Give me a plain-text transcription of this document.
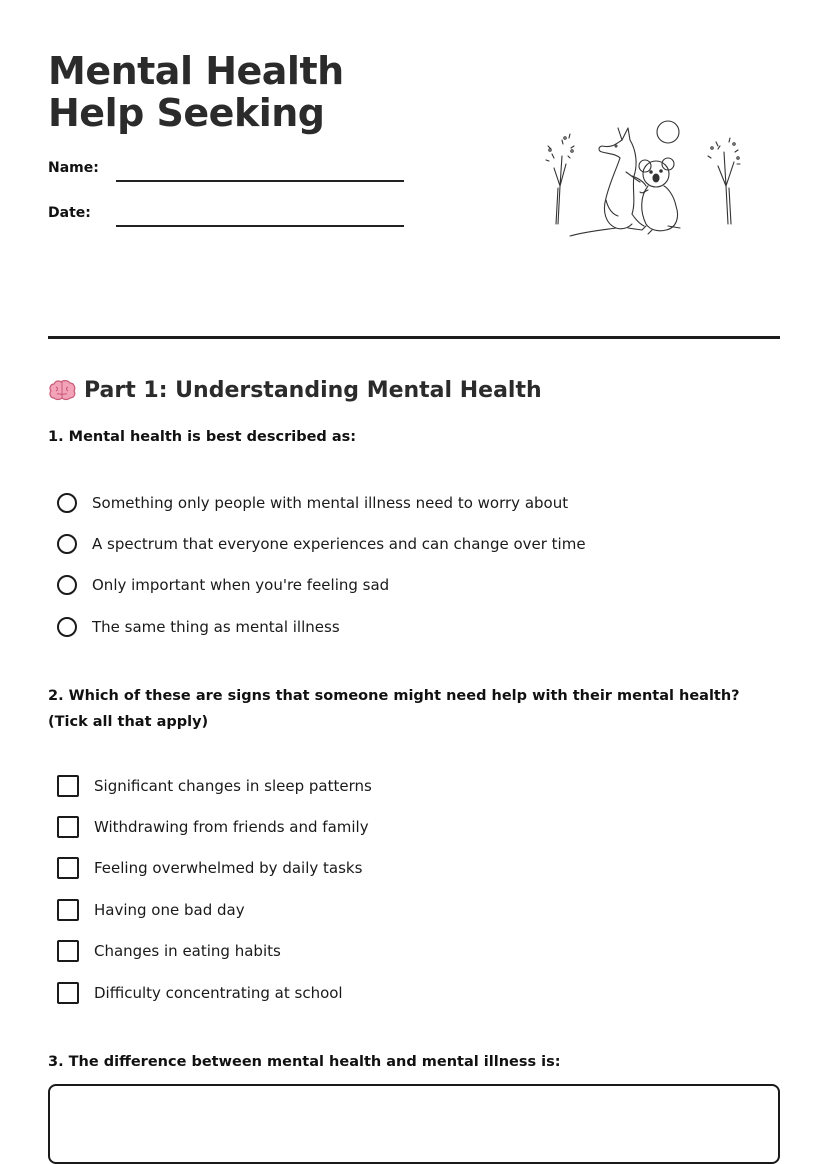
Mental Health Help Seeking
Name:
Date:
Part 1: Understanding Mental Health

1. Mental health is best described as:

Something only people with mental illness need to worry about
A spectrum that everyone experiences and can change over time
Only important when you're feeling sad
The same thing as mental illness

2. Which of these are signs that someone might need help with their mental health? (Tick all that apply)

Significant changes in sleep patterns
Withdrawing from friends and family
Feeling overwhelmed by daily tasks
Having one bad day
Changes in eating habits
Difficulty concentrating at school

3. The difference between mental health and mental illness is:
